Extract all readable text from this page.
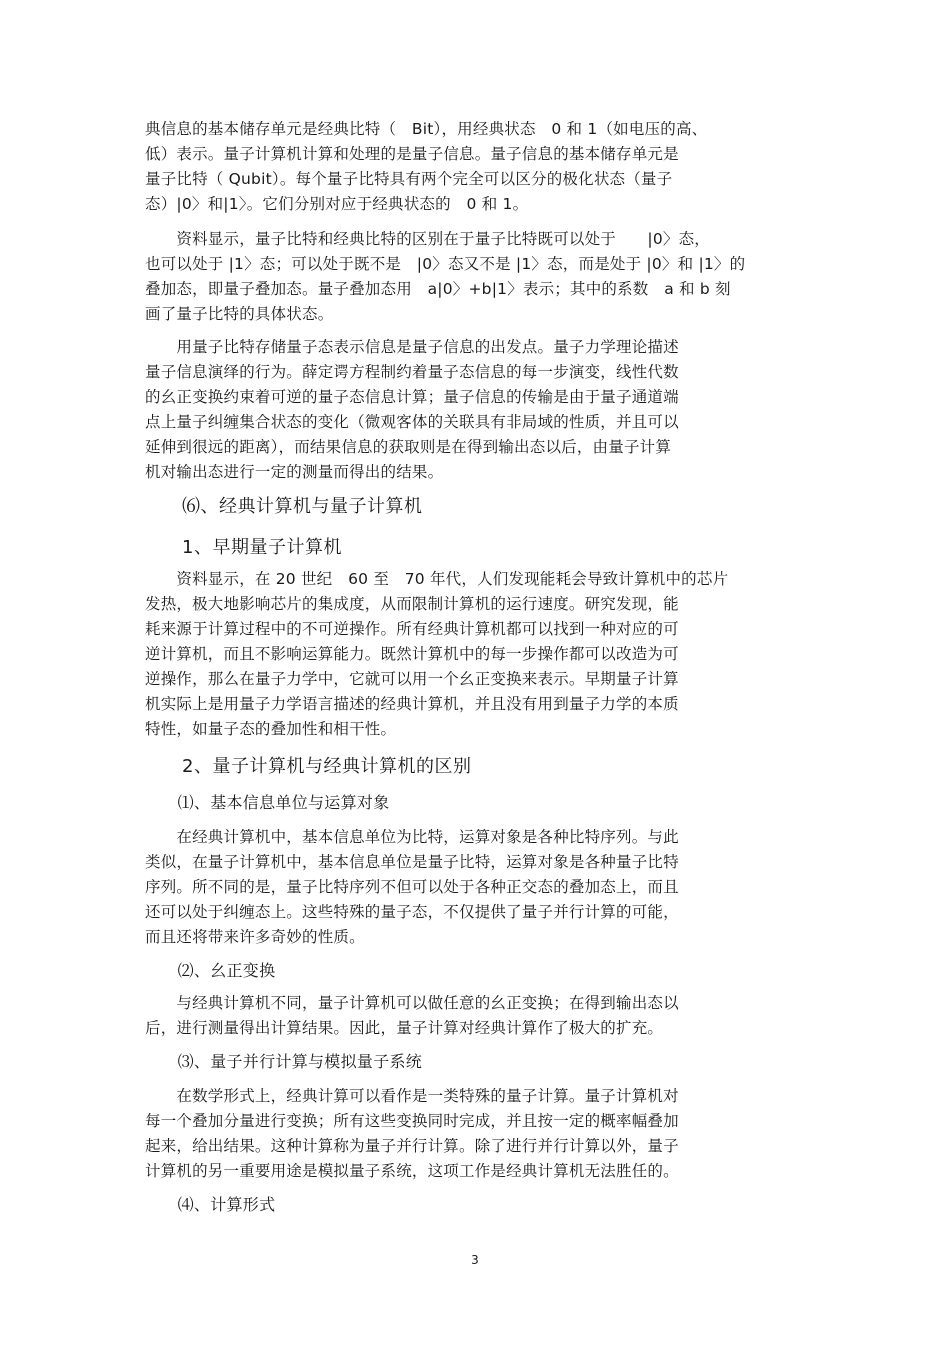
典信息的基本储存单元是经典比特（　Bit），用经典状态　0 和 1（如电压的高、
低）表示。量子计算机计算和处理的是量子信息。量子信息的基本储存单元是
量子比特（ Qubit）。每个量子比特具有两个完全可以区分的极化状态（量子
态）|0〉和|1〉。它们分别对应于经典状态的　0 和 1。
　　资料显示，量子比特和经典比特的区别在于量子比特既可以处于　　|0〉态，
也可以处于 |1〉态；可以处于既不是　|0〉态又不是 |1〉态，而是处于 |0〉和 |1〉的
叠加态，即量子叠加态。量子叠加态用　a|0〉+b|1〉表示；其中的系数　a 和 b 刻
画了量子比特的具体状态。
　　用量子比特存储量子态表示信息是量子信息的出发点。量子力学理论描述
量子信息演绎的行为。薛定谔方程制约着量子态信息的每一步演变，线性代数
的幺正变换约束着可逆的量子态信息计算；量子信息的传输是由于量子通道端
点上量子纠缠集合状态的变化（微观客体的关联具有非局域的性质，并且可以
延伸到很远的距离），而结果信息的获取则是在得到输出态以后，由量子计算
机对输出态进行一定的测量而得出的结果。
　　⑹、经典计算机与量子计算机
　　1、早期量子计算机
　　资料显示，在 20 世纪　60 至　70 年代，人们发现能耗会导致计算机中的芯片
发热，极大地影响芯片的集成度，从而限制计算机的运行速度。研究发现，能
耗来源于计算过程中的不可逆操作。所有经典计算机都可以找到一种对应的可
逆计算机，而且不影响运算能力。既然计算机中的每一步操作都可以改造为可
逆操作，那么在量子力学中，它就可以用一个幺正变换来表示。早期量子计算
机实际上是用量子力学语言描述的经典计算机，并且没有用到量子力学的本质
特性，如量子态的叠加性和相干性。
　　2、量子计算机与经典计算机的区别
　　⑴、基本信息单位与运算对象
　　在经典计算机中，基本信息单位为比特，运算对象是各种比特序列。与此
类似，在量子计算机中，基本信息单位是量子比特，运算对象是各种量子比特
序列。所不同的是，量子比特序列不但可以处于各种正交态的叠加态上，而且
还可以处于纠缠态上。这些特殊的量子态，不仅提供了量子并行计算的可能，
而且还将带来许多奇妙的性质。
　　⑵、幺正变换
　　与经典计算机不同，量子计算机可以做任意的幺正变换；在得到输出态以
后，进行测量得出计算结果。因此，量子计算对经典计算作了极大的扩充。
　　⑶、量子并行计算与模拟量子系统
　　在数学形式上，经典计算可以看作是一类特殊的量子计算。量子计算机对
每一个叠加分量进行变换；所有这些变换同时完成，并且按一定的概率幅叠加
起来，给出结果。这种计算称为量子并行计算。除了进行并行计算以外，量子
计算机的另一重要用途是模拟量子系统，这项工作是经典计算机无法胜任的。
　　⑷、计算形式
3
